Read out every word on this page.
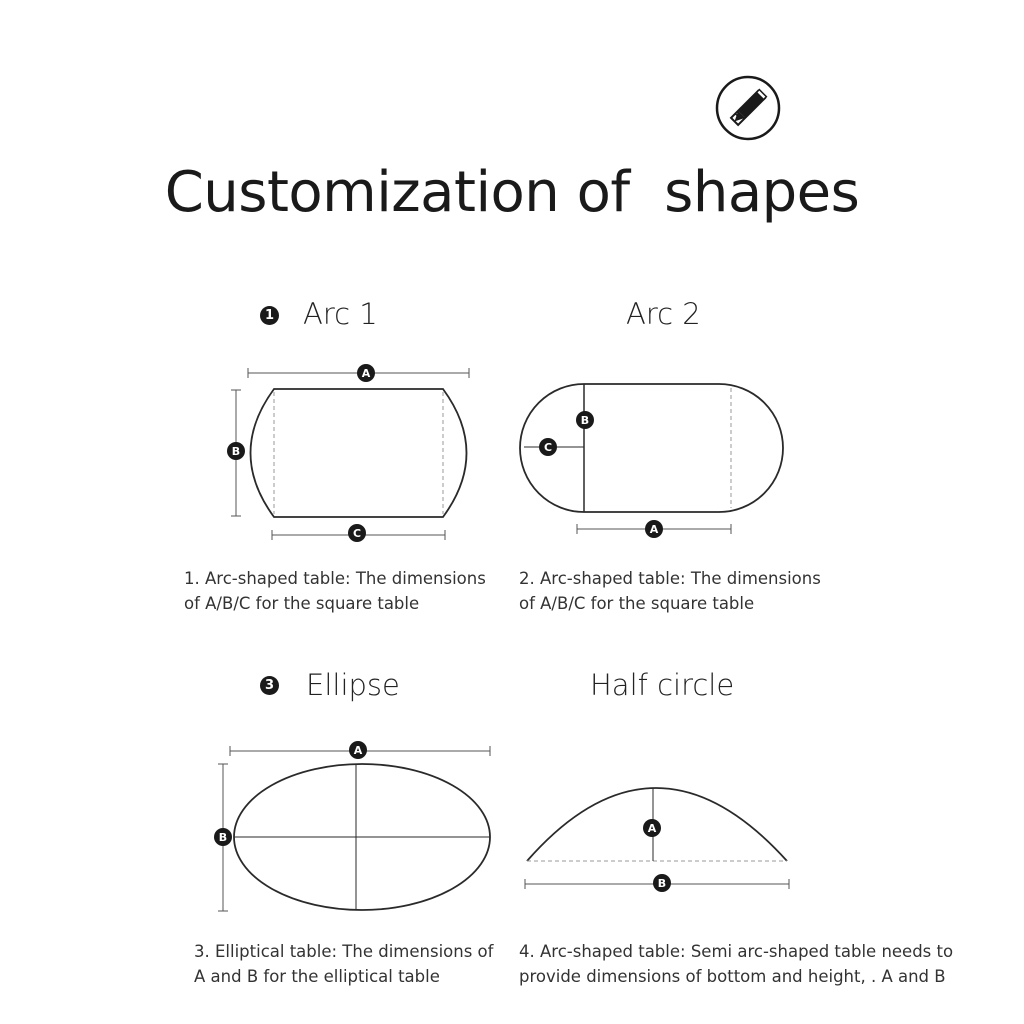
Customization of  shapes
1 Arc 1
A
B
C
1. Arc-shaped table: The dimensions
of A/B/C for the square table
Arc 2
B
C
A
2. Arc-shaped table: The dimensions
of A/B/C for the square table
3 Ellipse
A
B
3. Elliptical table: The dimensions of
A and B for the elliptical table
Half circle
A
B
4. Arc-shaped table: Semi arc-shaped table needs to
provide dimensions of bottom and height, . A and B
